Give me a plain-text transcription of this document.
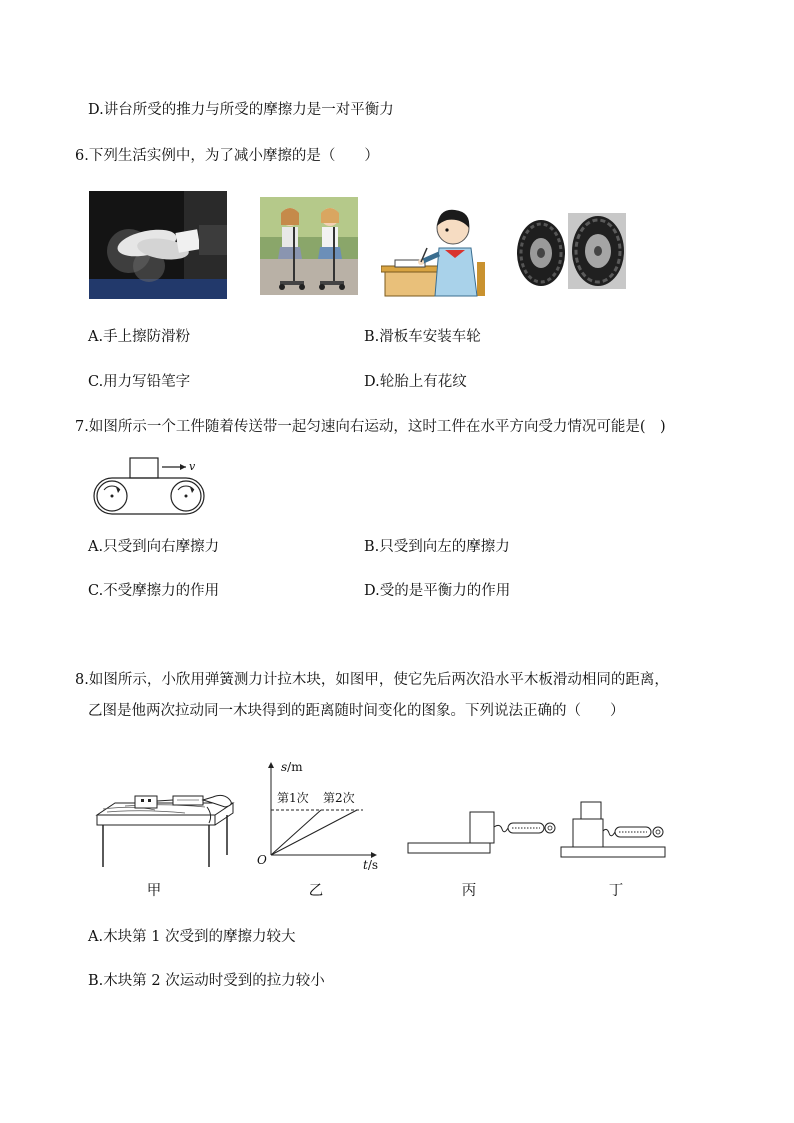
D.讲台所受的推力与所受的摩擦力是一对平衡力
6.下列生活实例中，为了减小摩擦的是（　　）
A.手上擦防滑粉	B.滑板车安装车轮
C.用力写铅笔字	D.轮胎上有花纹
7.如图所示一个工件随着传送带一起匀速向右运动，这时工件在水平方向受力情况可能是(　)
v
A.只受到向右摩擦力	B.只受到向左的摩擦力
C.不受摩擦力的作用	D.受的是平衡力的作用
8.如图所示，小欣用弹簧测力计拉木块，如图甲，使它先后两次沿水平木板滑动相同的距离，
乙图是他两次拉动同一木块得到的距离随时间变化的图象。下列说法正确的（　　）
s/m
t/s
O
第1次 第2次
甲	乙	丙	丁
A.木块第 1 次受到的摩擦力较大
B.木块第 2 次运动时受到的拉力较小
